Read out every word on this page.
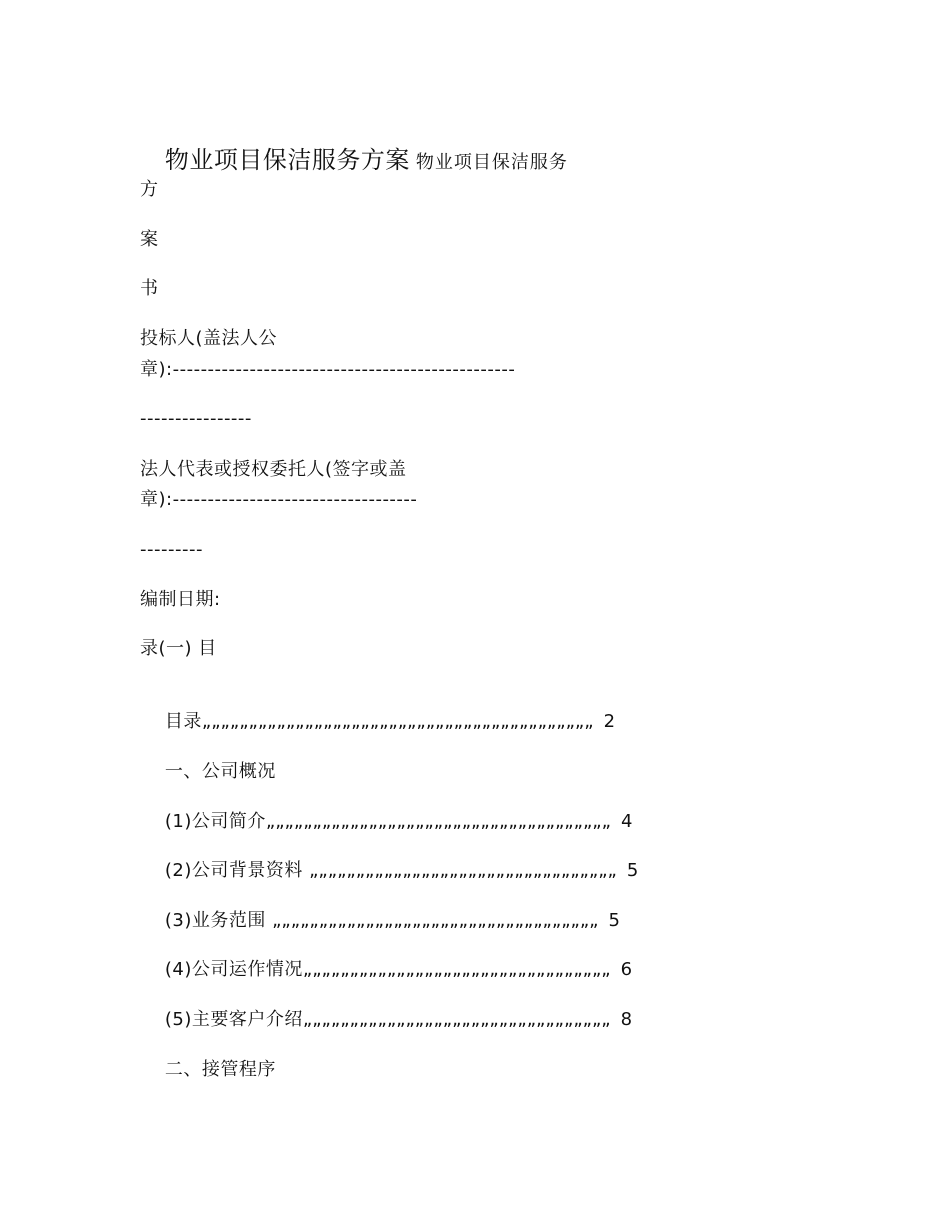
物业项目保洁服务方案 物业项目保洁服务

方
案
书
投标人(盖法人公
章):-------------------------------------------------
----------------
法人代表或授权委托人(签字或盖
章):-----------------------------------
---------
编制日期:
录(一) 目

目录„„„„„„„„„„„„„„„„„„„„„„„„„„„„„„„„„„„„„„„„„„ 2

一、公司概况

(1)公司简介„„„„„„„„„„„„„„„„„„„„„„„„„„„„„„„„„„„„„ 4

(2)公司背景资料 „„„„„„„„„„„„„„„„„„„„„„„„„„„„„„„„„ 5

(3)业务范围 „„„„„„„„„„„„„„„„„„„„„„„„„„„„„„„„„„„ 5

(4)公司运作情况„„„„„„„„„„„„„„„„„„„„„„„„„„„„„„„„„ 6

(5)主要客户介绍„„„„„„„„„„„„„„„„„„„„„„„„„„„„„„„„„ 8

二、接管程序
